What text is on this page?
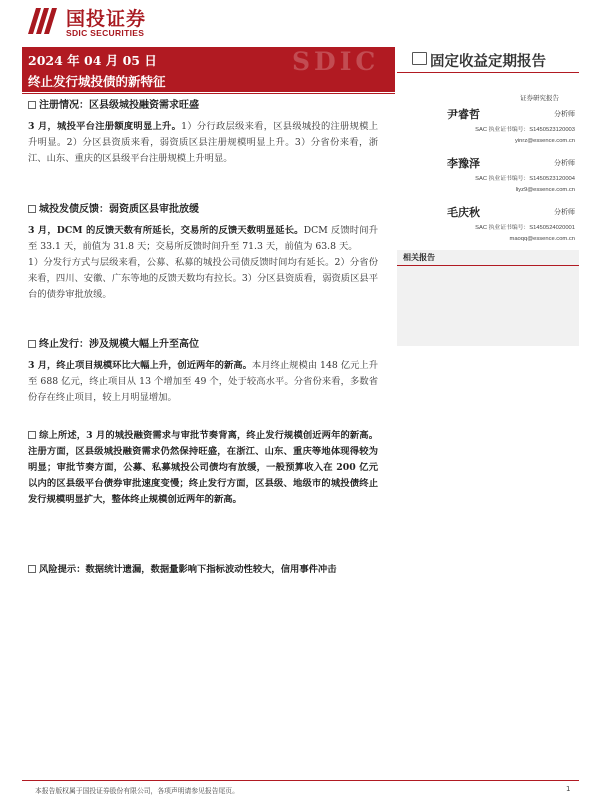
国投证券
SDIC SECURITIES
SDIC
2024 年 04 月 05 日
终止发行城投债的新特征
固定收益定期报告
证券研究报告
尹睿哲	分析师
SAC 执业证书编号：S1450523120003
yinrz@essence.com.cn
李豫泽	分析师
SAC 执业证书编号：S1450523120004
liyz9@essence.com.cn
毛庆秋	分析师
SAC 执业证书编号：S1450524020001
maoqq@essence.com.cn
相关报告
注册情况：区县级城投融资需求旺盛
3 月，城投平台注册额度明显上升。1）分行政层级来看，区县级城投的注册规模上升明显。2）分区县资质来看，弱资质区县注册规模明显上升。3）分省份来看，浙江、山东、重庆的区县级平台注册规模上升明显。
城投发债反馈：弱资质区县审批放缓
3 月，DCM 的反馈天数有所延长，交易所的反馈天数明显延长。DCM 反馈时间升至 33.1 天，前值为 31.8 天；交易所反馈时间升至 71.3 天，前值为 63.8 天。
1）分发行方式与层级来看，公募、私募的城投公司债反馈时间均有延长。2）分省份来看，四川、安徽、广东等地的反馈天数均有拉长。3）分区县资质看，弱资质区县平台的债券审批放缓。
终止发行：涉及规模大幅上升至高位
3 月，终止项目规模环比大幅上升，创近两年的新高。本月终止规模由 148 亿元上升至 688 亿元，终止项目从 13 个增加至 49 个，处于较高水平。分省份来看，多数省份存在终止项目，较上月明显增加。
综上所述，3 月的城投融资需求与审批节奏背离，终止发行规模创近两年的新高。注册方面，区县级城投融资需求仍然保持旺盛，在浙江、山东、重庆等地体现得较为明显；审批节奏方面，公募、私募城投公司债均有放缓，一般预算收入在 200 亿元以内的区县级平台债券审批速度变慢；终止发行方面，区县级、地级市的城投债终止发行规模明显扩大，整体终止规模创近两年的新高。
风险提示：数据统计遗漏，数据量影响下指标波动性较大，信用事件冲击
本报告版权属于国投证券股份有限公司，各项声明请参见报告尾页。	1
